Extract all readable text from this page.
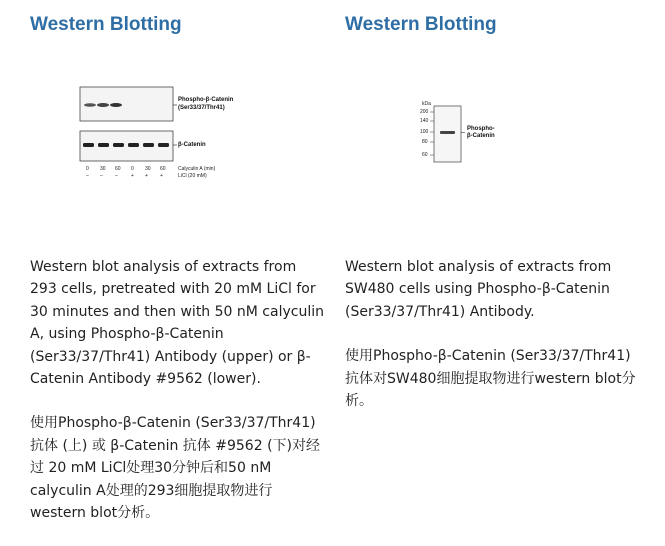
Western Blotting
Phospho-β-Catenin
(Ser33/37/Thr41)
β-Catenin
0 30 60 0 30 60 Calyculin A (min)
– – –	+ + +	LiCl (20 mM)

Western blot analysis of extracts from 293 cells, pretreated with 20 mM LiCl for 30 minutes and then with 50 nM calyculin A, using Phospho-β-Catenin (Ser33/37/Thr41) Antibody (upper) or β-Catenin Antibody #9562 (lower).

使用Phospho-β-Catenin (Ser33/37/Thr41) 抗体 (上) 或 β-Catenin 抗体 #9562 (下)对经过 20 mM LiCl处理30分钟后和50 nM calyculin A处理的293细胞提取物进行western blot分析。

Western Blotting
kDa
200
140
100
80
60
Phospho-
β-Catenin

Western blot analysis of extracts from SW480 cells using Phospho-β-Catenin (Ser33/37/Thr41) Antibody.

使用Phospho-β-Catenin (Ser33/37/Thr41)抗体对SW480细胞提取物进行western blot分析。
